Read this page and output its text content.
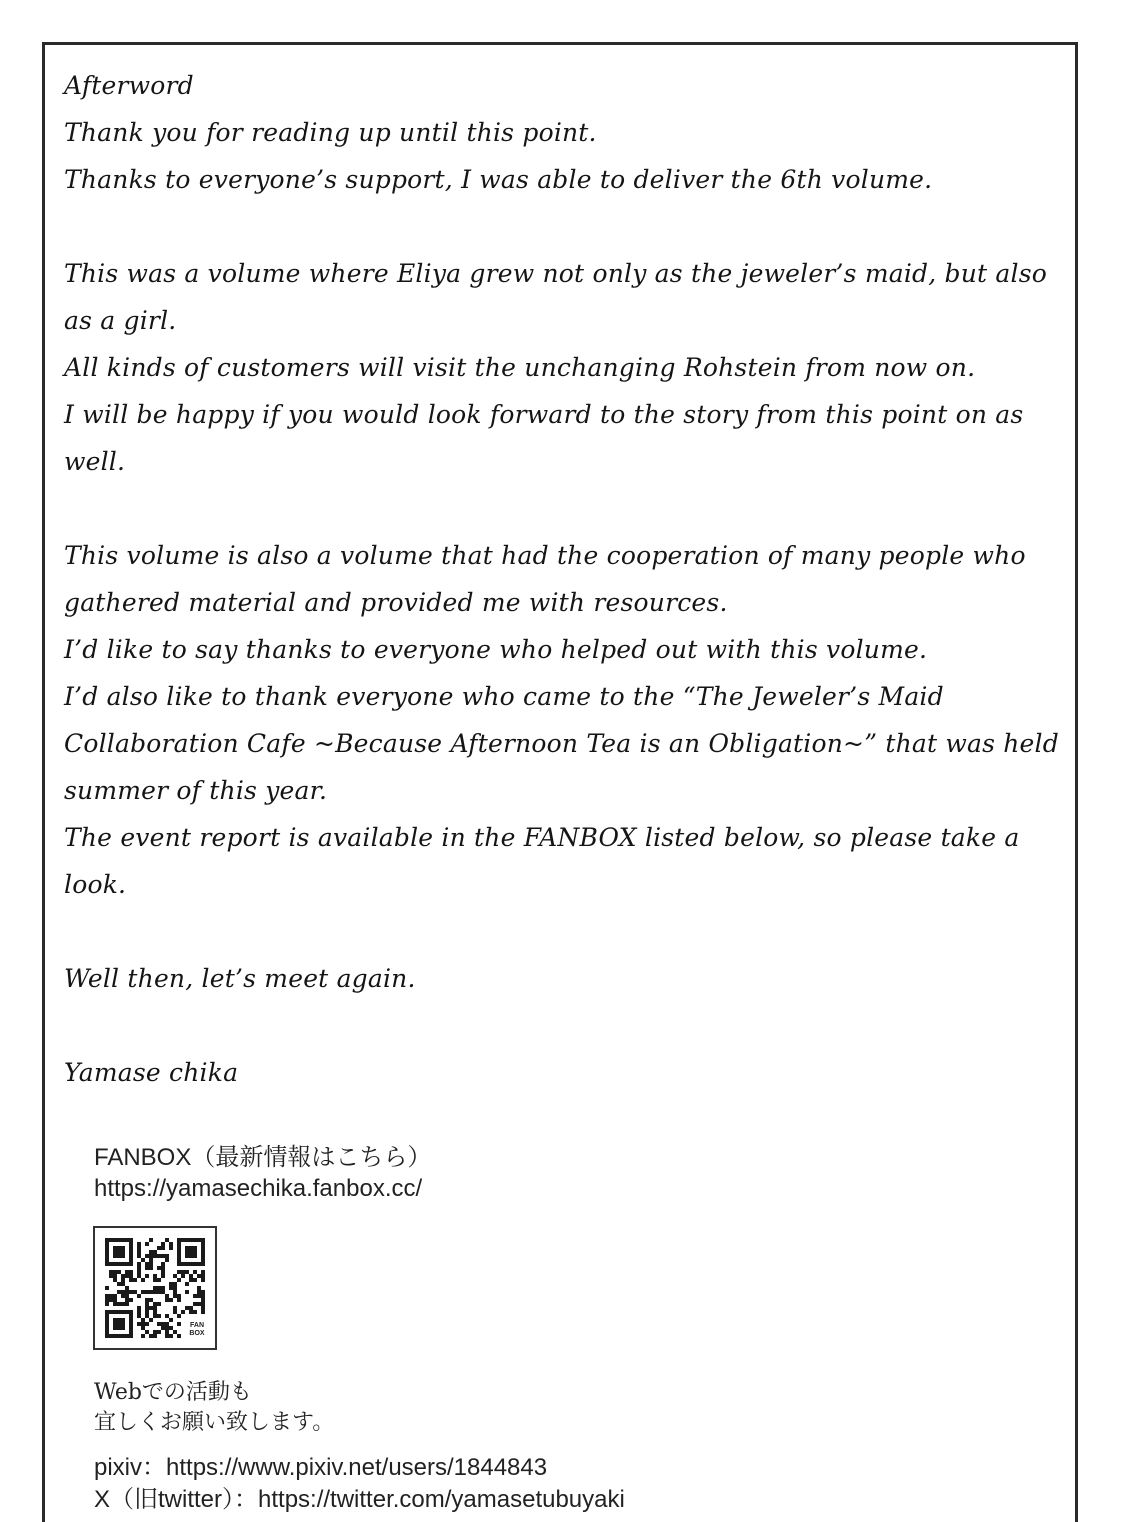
Afterword
Thank you for reading up until this point.
Thanks to everyone’s support, I was able to deliver the 6th volume.
This was a volume where Eliya grew not only as the jeweler’s maid, but also
as a girl.
All kinds of customers will visit the unchanging Rohstein from now on.
I will be happy if you would look forward to the story from this point on as
well.
This volume is also a volume that had the cooperation of many people who
gathered material and provided me with resources.
I’d like to say thanks to everyone who helped out with this volume.
I’d also like to thank everyone who came to the “The Jeweler’s Maid
Collaboration Cafe ~Because Afternoon Tea is an Obligation~” that was held
summer of this year.
The event report is available in the FANBOX listed below, so please take a
look.
Well then, let’s meet again.
Yamase chika
FANBOX（最新情報はこちら）
https://yamasechika.fanbox.cc/
FAN BOX
Webでの活動も
宜しくお願い致します。
pixiv：https://www.pixiv.net/users/1844843
X（旧twitter）：https://twitter.com/yamasetubuyaki
